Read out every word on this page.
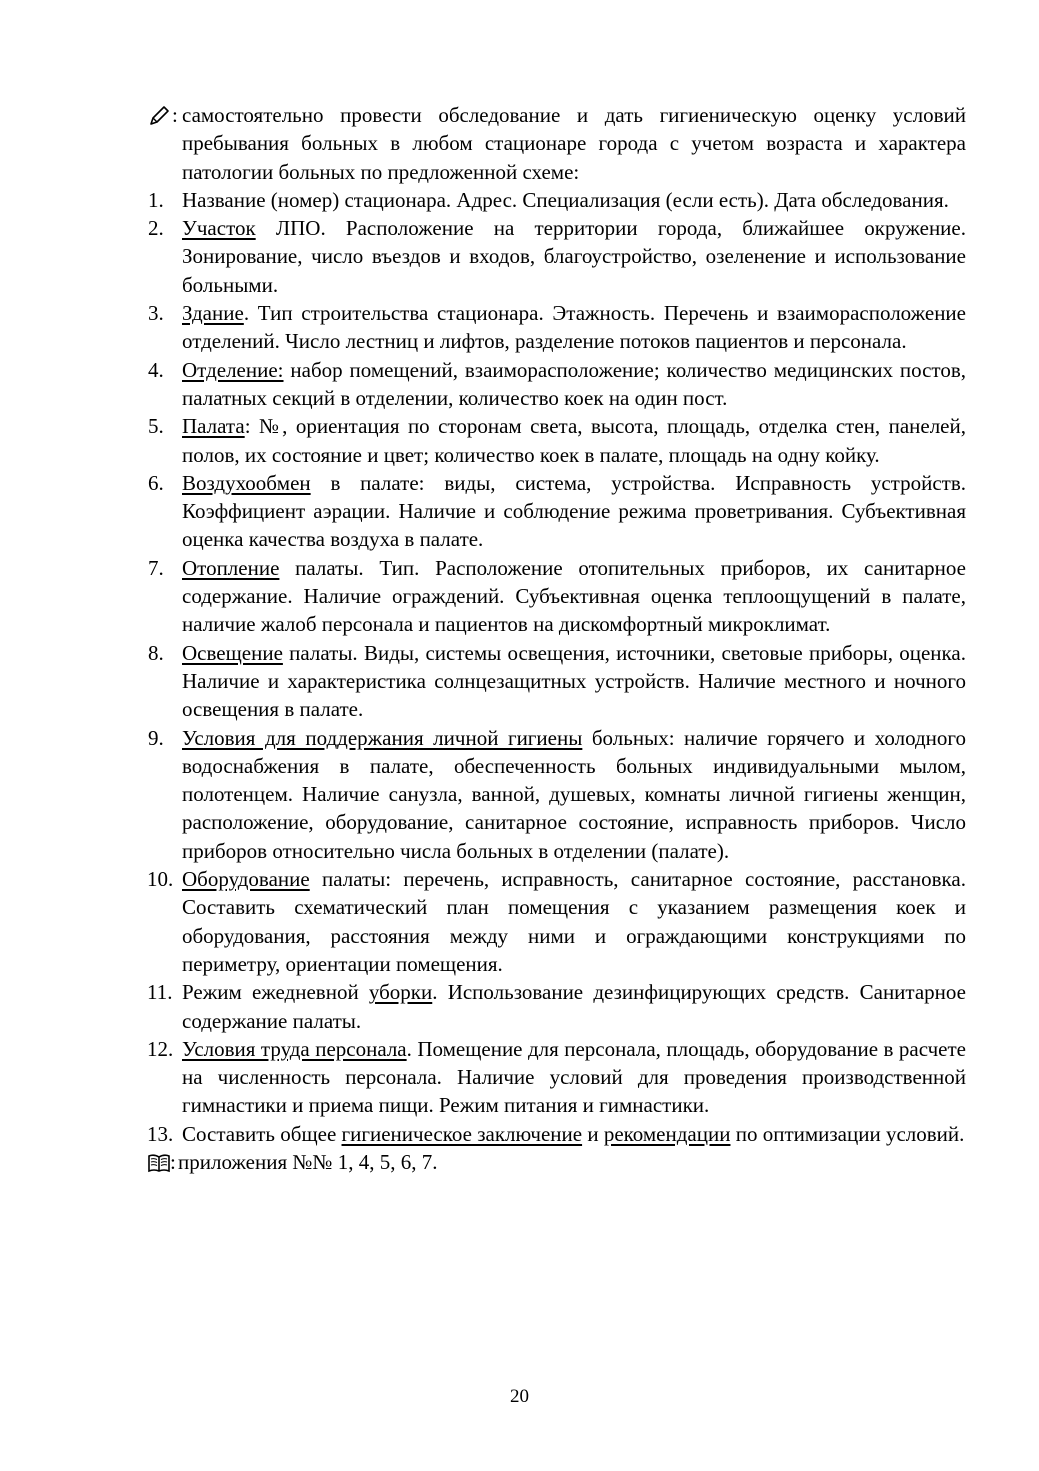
: самостоятельно провести обследование и дать гигиеническую оценку условий пребывания больных в любом стационаре города с учетом возраста и характера патологии больных по предложенной схеме:

1. Название (номер) стационара. Адрес. Специализация (если есть). Дата обследования.

2. Участок ЛПО. Расположение на территории города, ближайшее окружение. Зонирование, число въездов и входов, благоустройство, озеленение и использование больными.

3. Здание. Тип строительства стационара. Этажность. Перечень и взаиморасположение отделений. Число лестниц и лифтов, разделение потоков пациентов и персонала.

4. Отделение: набор помещений, взаиморасположение; количество медицинских постов, палатных секций в отделении, количество коек на один пост.

5. Палата: №, ориентация по сторонам света, высота, площадь, отделка стен, панелей, полов, их состояние и цвет; количество коек в палате, площадь на одну койку.

6. Воздухообмен в палате: виды, система, устройства. Исправность устройств. Коэффициент аэрации. Наличие и соблюдение режима проветривания. Субъективная оценка качества воздуха в палате.

7. Отопление палаты. Тип. Расположение отопительных приборов, их санитарное содержание. Наличие ограждений. Субъективная оценка теплоощущений в палате, наличие жалоб персонала и пациентов на дискомфортный микроклимат.

8. Освещение палаты. Виды, системы освещения, источники, световые приборы, оценка. Наличие и характеристика солнцезащитных устройств. Наличие местного и ночного освещения в палате.

9. Условия для поддержания личной гигиены больных: наличие горячего и холодного водоснабжения в палате, обеспеченность больных индивидуальными мылом, полотенцем. Наличие санузла, ванной, душевых, комнаты личной гигиены женщин, расположение, оборудование, санитарное состояние, исправность приборов. Число приборов относительно числа больных в отделении (палате).

10. Оборудование палаты: перечень, исправность, санитарное состояние, расстановка. Составить схематический план помещения с указанием размещения коек и оборудования, расстояния между ними и ограждающими конструкциями по периметру, ориентации помещения.

11. Режим ежедневной уборки. Использование дезинфицирующих средств. Санитарное содержание палаты.

12. Условия труда персонала. Помещение для персонала, площадь, оборудование в расчете на численность персонала. Наличие условий для проведения производственной гимнастики и приема пищи. Режим питания и гимнастики.

13. Составить общее гигиеническое заключение и рекомендации по оптимизации условий.

: приложения №№ 1, 4, 5, 6, 7.

20
